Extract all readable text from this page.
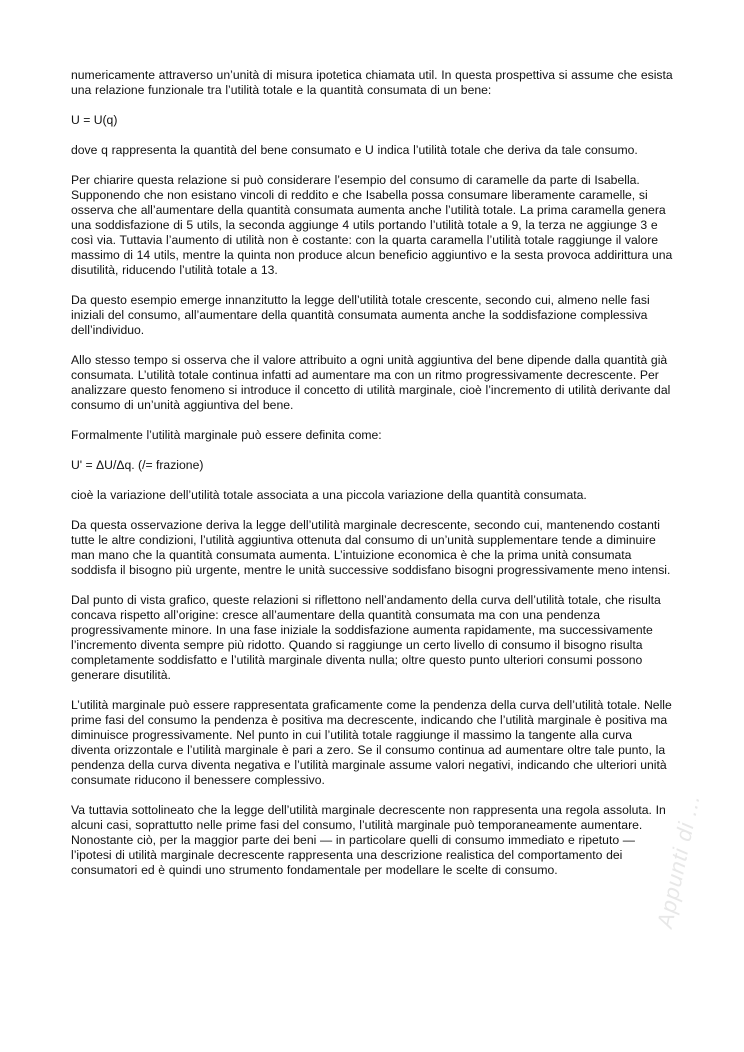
numericamente attraverso un’unità di misura ipotetica chiamata util. In questa prospettiva si assume che esista una relazione funzionale tra l’utilità totale e la quantità consumata di un bene:

U = U(q)

dove q rappresenta la quantità del bene consumato e U indica l’utilità totale che deriva da tale consumo.

Per chiarire questa relazione si può considerare l’esempio del consumo di caramelle da parte di Isabella. Supponendo che non esistano vincoli di reddito e che Isabella possa consumare liberamente caramelle, si osserva che all’aumentare della quantità consumata aumenta anche l’utilità totale. La prima caramella genera una soddisfazione di 5 utils, la seconda aggiunge 4 utils portando l’utilità totale a 9, la terza ne aggiunge 3 e così via. Tuttavia l’aumento di utilità non è costante: con la quarta caramella l’utilità totale raggiunge il valore massimo di 14 utils, mentre la quinta non produce alcun beneficio aggiuntivo e la sesta provoca addirittura una disutilità, riducendo l’utilità totale a 13.

Da questo esempio emerge innanzitutto la legge dell’utilità totale crescente, secondo cui, almeno nelle fasi iniziali del consumo, all’aumentare della quantità consumata aumenta anche la soddisfazione complessiva dell’individuo.

Allo stesso tempo si osserva che il valore attribuito a ogni unità aggiuntiva del bene dipende dalla quantità già consumata. L’utilità totale continua infatti ad aumentare ma con un ritmo progressivamente decrescente. Per analizzare questo fenomeno si introduce il concetto di utilità marginale, cioè l’incremento di utilità derivante dal consumo di un’unità aggiuntiva del bene.

Formalmente l’utilità marginale può essere definita come:

U' = ΔU/Δq. (/= frazione)

cioè la variazione dell’utilità totale associata a una piccola variazione della quantità consumata.

Da questa osservazione deriva la legge dell’utilità marginale decrescente, secondo cui, mantenendo costanti tutte le altre condizioni, l’utilità aggiuntiva ottenuta dal consumo di un’unità supplementare tende a diminuire man mano che la quantità consumata aumenta. L’intuizione economica è che la prima unità consumata soddisfa il bisogno più urgente, mentre le unità successive soddisfano bisogni progressivamente meno intensi.

Dal punto di vista grafico, queste relazioni si riflettono nell’andamento della curva dell’utilità totale, che risulta concava rispetto all’origine: cresce all’aumentare della quantità consumata ma con una pendenza progressivamente minore. In una fase iniziale la soddisfazione aumenta rapidamente, ma successivamente l’incremento diventa sempre più ridotto. Quando si raggiunge un certo livello di consumo il bisogno risulta completamente soddisfatto e l’utilità marginale diventa nulla; oltre questo punto ulteriori consumi possono generare disutilità.

L’utilità marginale può essere rappresentata graficamente come la pendenza della curva dell’utilità totale. Nelle prime fasi del consumo la pendenza è positiva ma decrescente, indicando che l’utilità marginale è positiva ma diminuisce progressivamente. Nel punto in cui l’utilità totale raggiunge il massimo la tangente alla curva diventa orizzontale e l’utilità marginale è pari a zero. Se il consumo continua ad aumentare oltre tale punto, la pendenza della curva diventa negativa e l’utilità marginale assume valori negativi, indicando che ulteriori unità consumate riducono il benessere complessivo.

Va tuttavia sottolineato che la legge dell’utilità marginale decrescente non rappresenta una regola assoluta. In alcuni casi, soprattutto nelle prime fasi del consumo, l’utilità marginale può temporaneamente aumentare. Nonostante ciò, per la maggior parte dei beni — in particolare quelli di consumo immediato e ripetuto — l’ipotesi di utilità marginale decrescente rappresenta una descrizione realistica del comportamento dei consumatori ed è quindi uno strumento fondamentale per modellare le scelte di consumo.	Appunti di ...
